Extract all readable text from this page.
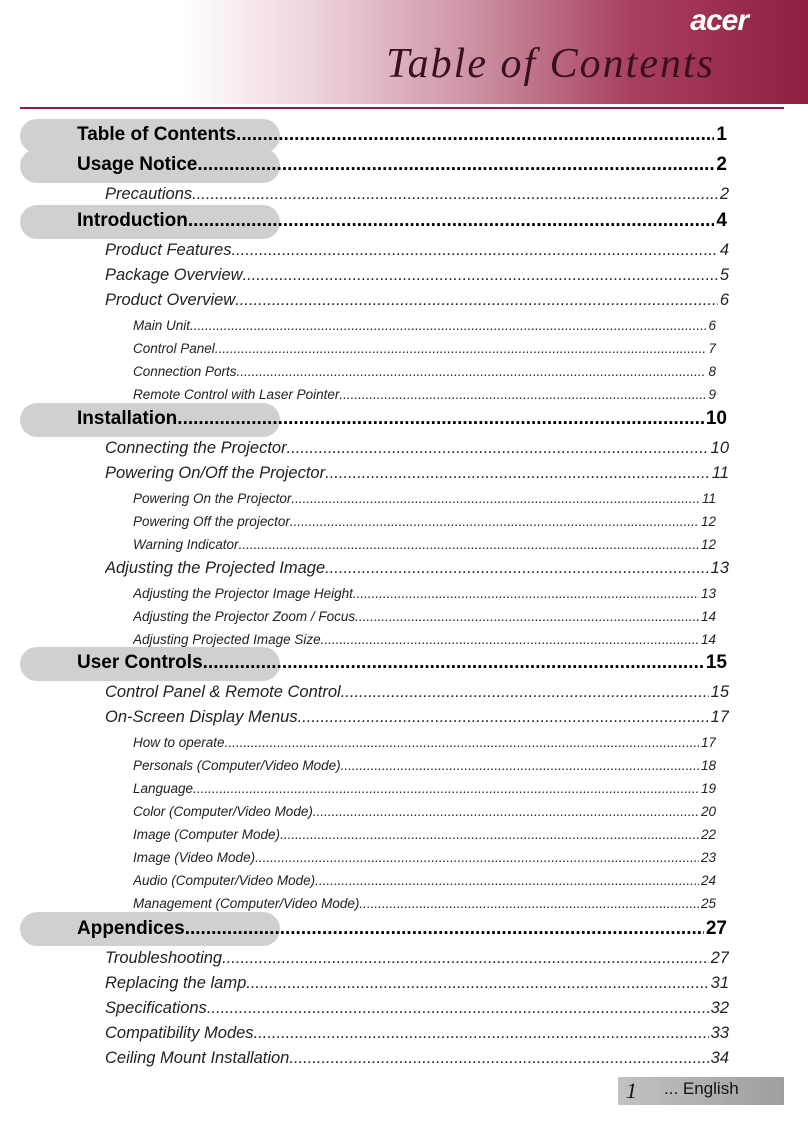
acer
Table of Contents
Table of Contents .....	1
Usage Notice .....	2
Precautions .....	2
Introduction .....	4
Product Features .....	4
Package Overview .....	5
Product Overview .....	6
Main Unit .....	6
Control Panel .....	7
Connection Ports .....	8
Remote Control with Laser Pointer .....	9
Installation .....	10
Connecting the Projector .....	10
Powering On/Off the Projector .....	11
Powering On the Projector .....	11
Powering Off the projector .....	12
Warning Indicator .....	12
Adjusting the Projected Image .....	13
Adjusting the Projector Image Height .....	13
Adjusting the Projector Zoom / Focus .....	14
Adjusting Projected Image Size .....	14
User Controls .....	15
Control Panel & Remote Control .....	15
On-Screen Display Menus .....	17
How to operate .....	17
Personals (Computer/Video Mode) .....	18
Language .....	19
Color (Computer/Video Mode) .....	20
Image (Computer Mode) .....	22
Image (Video Mode) .....	23
Audio (Computer/Video Mode) .....	24
Management (Computer/Video Mode) .....	25
Appendices .....	27
Troubleshooting .....	27
Replacing the lamp .....	31
Specifications .....	32
Compatibility Modes .....	33
Ceiling Mount Installation .....	34
1 ... English
